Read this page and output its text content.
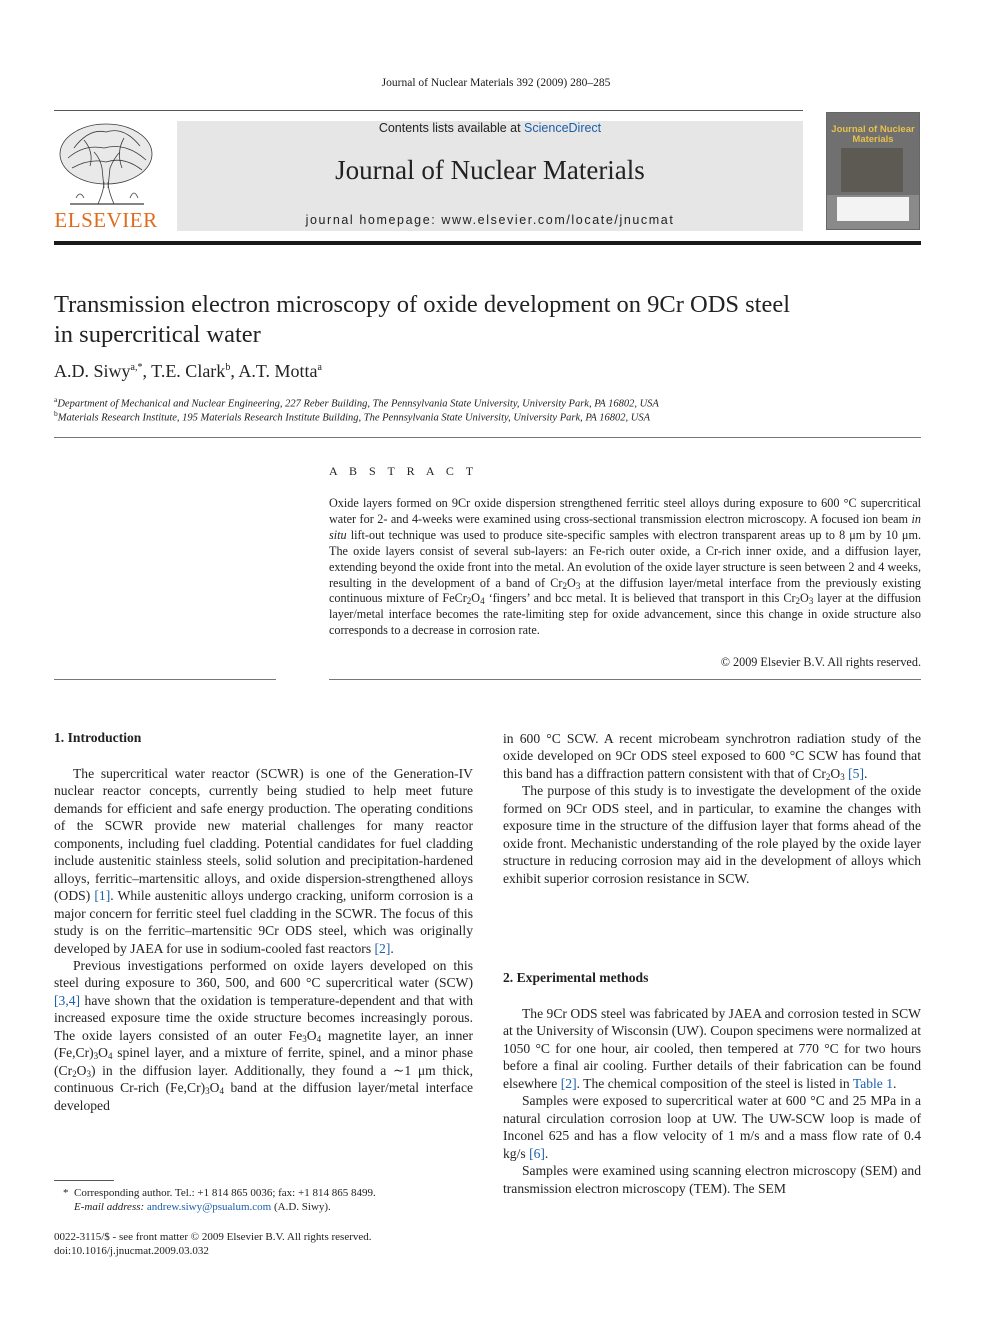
Journal of Nuclear Materials 392 (2009) 280–285
ELSEVIER
Contents lists available at ScienceDirect
Journal of Nuclear Materials
journal homepage: www.elsevier.com/locate/jnucmat
Journal of Nuclear Materials
Transmission electron microscopy of oxide development on 9Cr ODS steel in supercritical water
A.D. Siwy$^{a,*}$, T.E. Clark$^b$, A.T. Motta$^a$
$^a$Department of Mechanical and Nuclear Engineering, 227 Reber Building, The Pennsylvania State University, University Park, PA 16802, USA
$^b$Materials Research Institute, 195 Materials Research Institute Building, The Pennsylvania State University, University Park, PA 16802, USA
A B S T R A C T
Oxide layers formed on 9Cr oxide dispersion strengthened ferritic steel alloys during exposure to 600 °C supercritical water for 2- and 4-weeks were examined using cross-sectional transmission electron microscopy. A focused ion beam in situ lift-out technique was used to produce site-specific samples with electron transparent areas up to 8 μm by 10 μm. The oxide layers consist of several sub-layers: an Fe-rich outer oxide, a Cr-rich inner oxide, and a diffusion layer, extending beyond the oxide front into the metal. An evolution of the oxide layer structure is seen between 2 and 4 weeks, resulting in the development of a band of $Cr_2O_3$ at the diffusion layer/metal interface from the previously existing continuous mixture of $FeCr_2O_4$ ‘fingers’ and bcc metal. It is believed that transport in this $Cr_2O_3$ layer at the diffusion layer/metal interface becomes the rate-limiting step for oxide advancement, since this change in oxide structure also corresponds to a decrease in corrosion rate.
© 2009 Elsevier B.V. All rights reserved.
1. Introduction

The supercritical water reactor (SCWR) is one of the Generation-IV nuclear reactor concepts, currently being studied to help meet future demands for efficient and safe energy production. The operating conditions of the SCWR provide new material challenges for many reactor components, including fuel cladding. Potential candidates for fuel cladding include austenitic stainless steels, solid solution and precipitation-hardened alloys, ferritic–martensitic alloys, and oxide dispersion-strengthened alloys (ODS) [1]. While austenitic alloys undergo cracking, uniform corrosion is a major concern for ferritic steel fuel cladding in the SCWR. The focus of this study is on the ferritic–martensitic 9Cr ODS steel, which was originally developed by JAEA for use in sodium-cooled fast reactors [2].

Previous investigations performed on oxide layers developed on this steel during exposure to 360, 500, and 600 °C supercritical water (SCW) [3,4] have shown that the oxidation is temperature-dependent and that with increased exposure time the oxide structure becomes increasingly porous. The oxide layers consisted of an outer $Fe_3O_4$ magnetite layer, an inner $(Fe,Cr)_3O_4$ spinel layer, and a mixture of ferrite, spinel, and a minor phase $(Cr_2O_3)$ in the diffusion layer. Additionally, they found a ∼1 μm thick, continuous Cr-rich $(Fe,Cr)_3O_4$ band at the diffusion layer/metal interface developed

in 600 °C SCW. A recent microbeam synchrotron radiation study of the oxide developed on 9Cr ODS steel exposed to 600 °C SCW has found that this band has a diffraction pattern consistent with that of $Cr_2O_3$ [5].

The purpose of this study is to investigate the development of the oxide formed on 9Cr ODS steel, and in particular, to examine the changes with exposure time in the structure of the diffusion layer that forms ahead of the oxide front. Mechanistic understanding of the role played by the oxide layer structure in reducing corrosion may aid in the development of alloys which exhibit superior corrosion resistance in SCW.

2. Experimental methods

The 9Cr ODS steel was fabricated by JAEA and corrosion tested in SCW at the University of Wisconsin (UW). Coupon specimens were normalized at 1050 °C for one hour, air cooled, then tempered at 770 °C for two hours before a final air cooling. Further details of their fabrication can be found elsewhere [2]. The chemical composition of the steel is listed in Table 1.

Samples were exposed to supercritical water at 600 °C and 25 MPa in a natural circulation corrosion loop at UW. The UW-SCW loop is made of Inconel 625 and has a flow velocity of 1 m/s and a mass flow rate of 0.4 kg/s [6].

Samples were examined using scanning electron microscopy (SEM) and transmission electron microscopy (TEM). The SEM

*  Corresponding author. Tel.: +1 814 865 0036; fax: +1 814 865 8499.
E-mail address: andrew.siwy@psualum.com (A.D. Siwy).
0022-3115/$ - see front matter © 2009 Elsevier B.V. All rights reserved.
doi:10.1016/j.jnucmat.2009.03.032
